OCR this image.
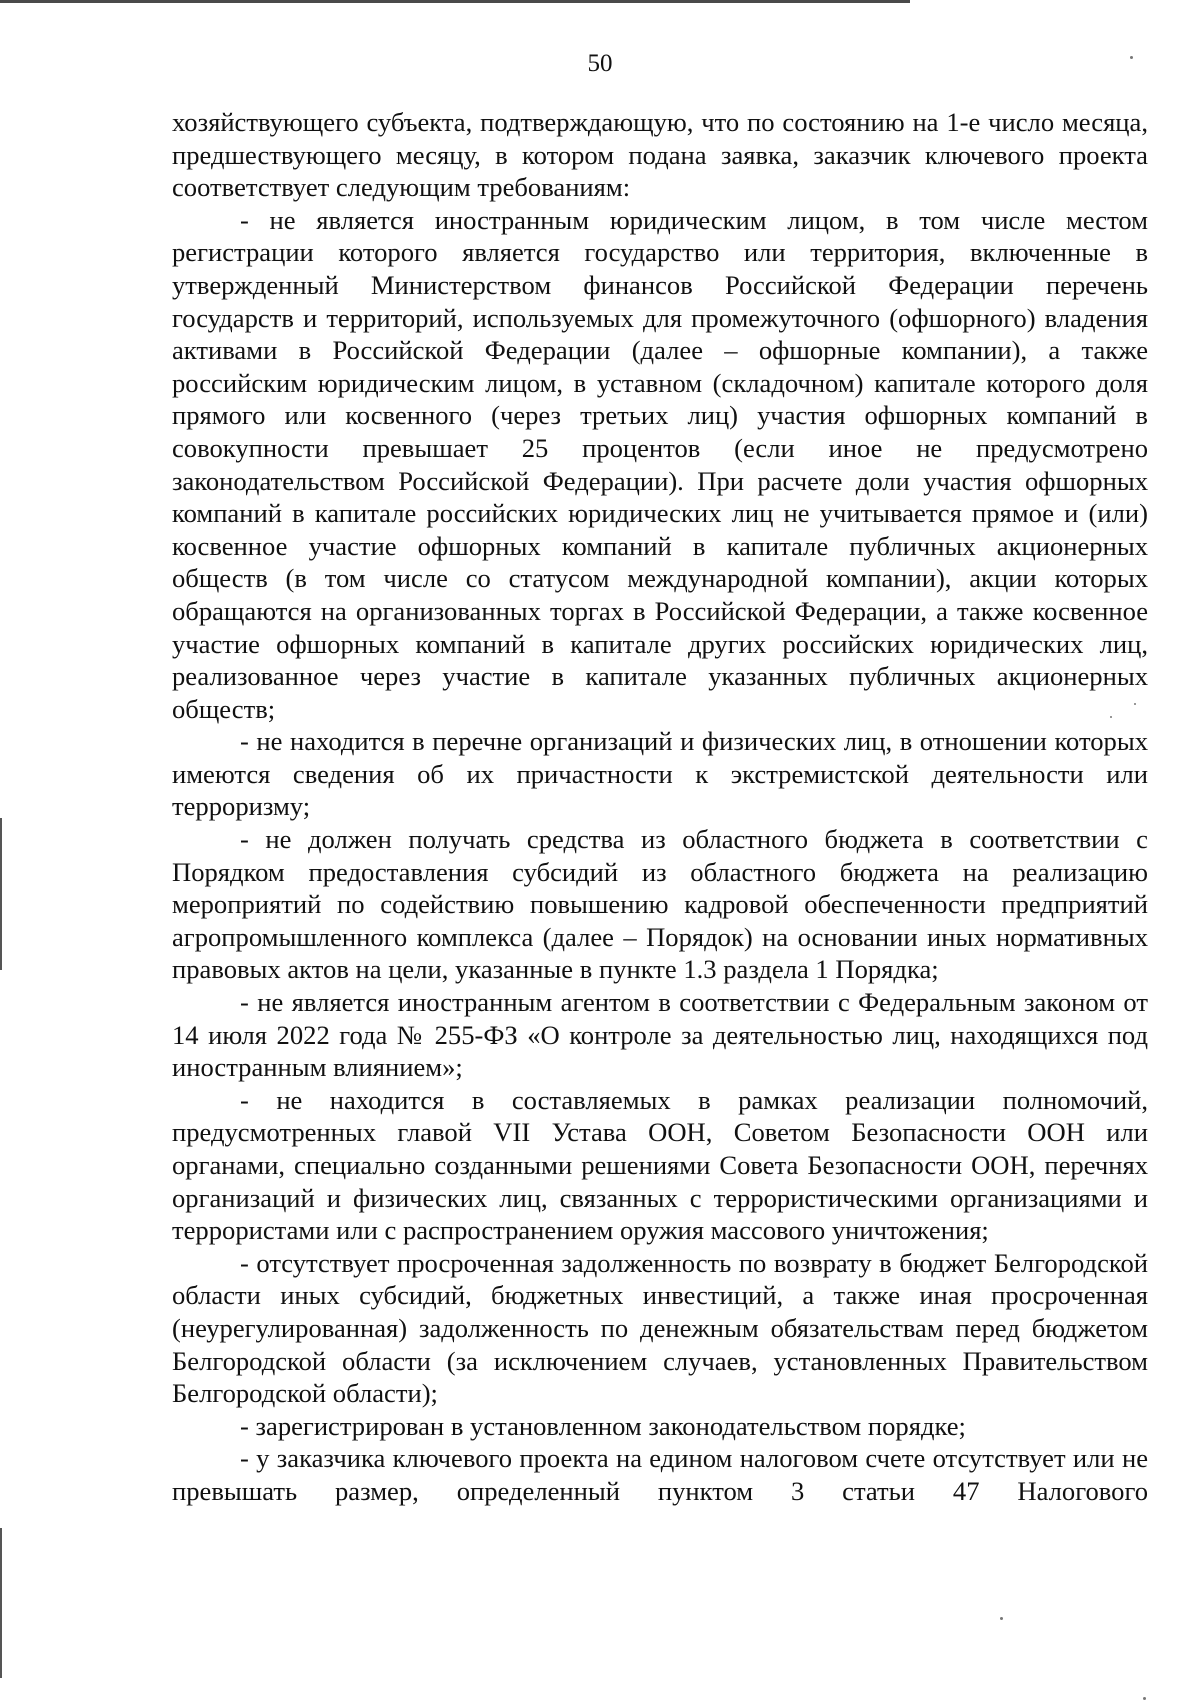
50

хозяйствующего субъекта, подтверждающую, что по состоянию на 1-е число месяца, предшествующего месяцу, в котором подана заявка, заказчик ключевого проекта соответствует следующим требованиям:

- не является иностранным юридическим лицом, в том числе местом регистрации которого является государство или территория, включенные в утвержденный Министерством финансов Российской Федерации перечень государств и территорий, используемых для промежуточного (офшорного) владения активами в Российской Федерации (далее – офшорные компании), а также российским юридическим лицом, в уставном (складочном) капитале которого доля прямого или косвенного (через третьих лиц) участия офшорных компаний в совокупности превышает 25 процентов (если иное не предусмотрено законодательством Российской Федерации). При расчете доли участия офшорных компаний в капитале российских юридических лиц не учитывается прямое и (или) косвенное участие офшорных компаний в капитале публичных акционерных обществ (в том числе со статусом международной компании), акции которых обращаются на организованных торгах в Российской Федерации, а также косвенное участие офшорных компаний в капитале других российских юридических лиц, реализованное через участие в капитале указанных публичных акционерных обществ;

- не находится в перечне организаций и физических лиц, в отношении которых имеются сведения об их причастности к экстремистской деятельности или терроризму;

- не должен получать средства из областного бюджета в соответствии с Порядком предоставления субсидий из областного бюджета на реализацию мероприятий по содействию повышению кадровой обеспеченности предприятий агропромышленного комплекса (далее – Порядок) на основании иных нормативных правовых актов на цели, указанные в пункте 1.3 раздела 1 Порядка;

- не является иностранным агентом в соответствии с Федеральным законом от 14 июля 2022 года № 255-ФЗ «О контроле за деятельностью лиц, находящихся под иностранным влиянием»;

- не находится в составляемых в рамках реализации полномочий, предусмотренных главой VII Устава ООН, Советом Безопасности ООН или органами, специально созданными решениями Совета Безопасности ООН, перечнях организаций и физических лиц, связанных с террористическими организациями и террористами или с распространением оружия массового уничтожения;

- отсутствует просроченная задолженность по возврату в бюджет Белгородской области иных субсидий, бюджетных инвестиций, а также иная просроченная (неурегулированная) задолженность по денежным обязательствам перед бюджетом Белгородской области (за исключением случаев, установленных Правительством Белгородской области);

- зарегистрирован в установленном законодательством порядке;

- у заказчика ключевого проекта на едином налоговом счете отсутствует или не превышать размер, определенный пунктом 3 статьи 47 Налогового
